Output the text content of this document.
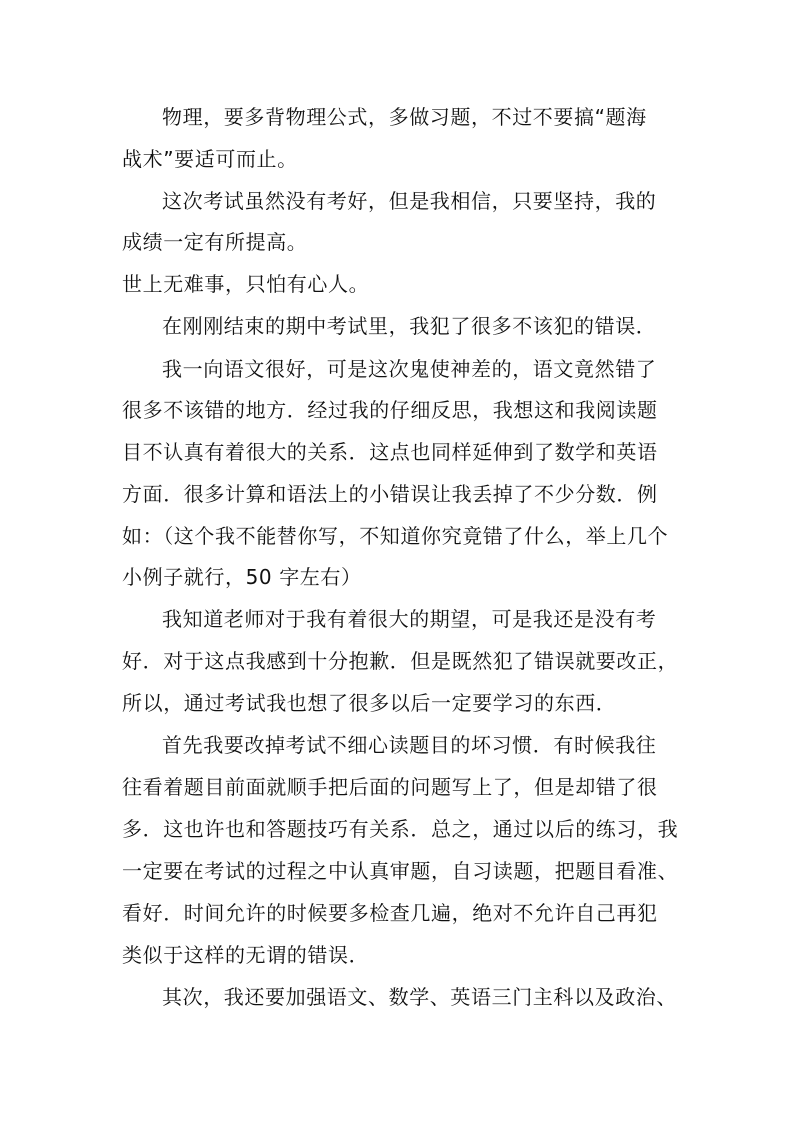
物理，要多背物理公式，多做习题，不过不要搞“题海
战术”要适可而止。
这次考试虽然没有考好，但是我相信，只要坚持，我的
成绩一定有所提高。
世上无难事，只怕有心人。
在刚刚结束的期中考试里，我犯了很多不该犯的错误．
我一向语文很好，可是这次鬼使神差的，语文竟然错了
很多不该错的地方．经过我的仔细反思，我想这和我阅读题
目不认真有着很大的关系．这点也同样延伸到了数学和英语
方面．很多计算和语法上的小错误让我丢掉了不少分数．例
如：（这个我不能替你写，不知道你究竟错了什么，举上几个
小例子就行，50 字左右）
我知道老师对于我有着很大的期望，可是我还是没有考
好．对于这点我感到十分抱歉．但是既然犯了错误就要改正，
所以，通过考试我也想了很多以后一定要学习的东西．
首先我要改掉考试不细心读题目的坏习惯．有时候我往
往看着题目前面就顺手把后面的问题写上了，但是却错了很
多．这也许也和答题技巧有关系．总之，通过以后的练习，我
一定要在考试的过程之中认真审题，自习读题，把题目看准、
看好．时间允许的时候要多检查几遍，绝对不允许自己再犯
类似于这样的无谓的错误．
其次，我还要加强语文、数学、英语三门主科以及政治、
